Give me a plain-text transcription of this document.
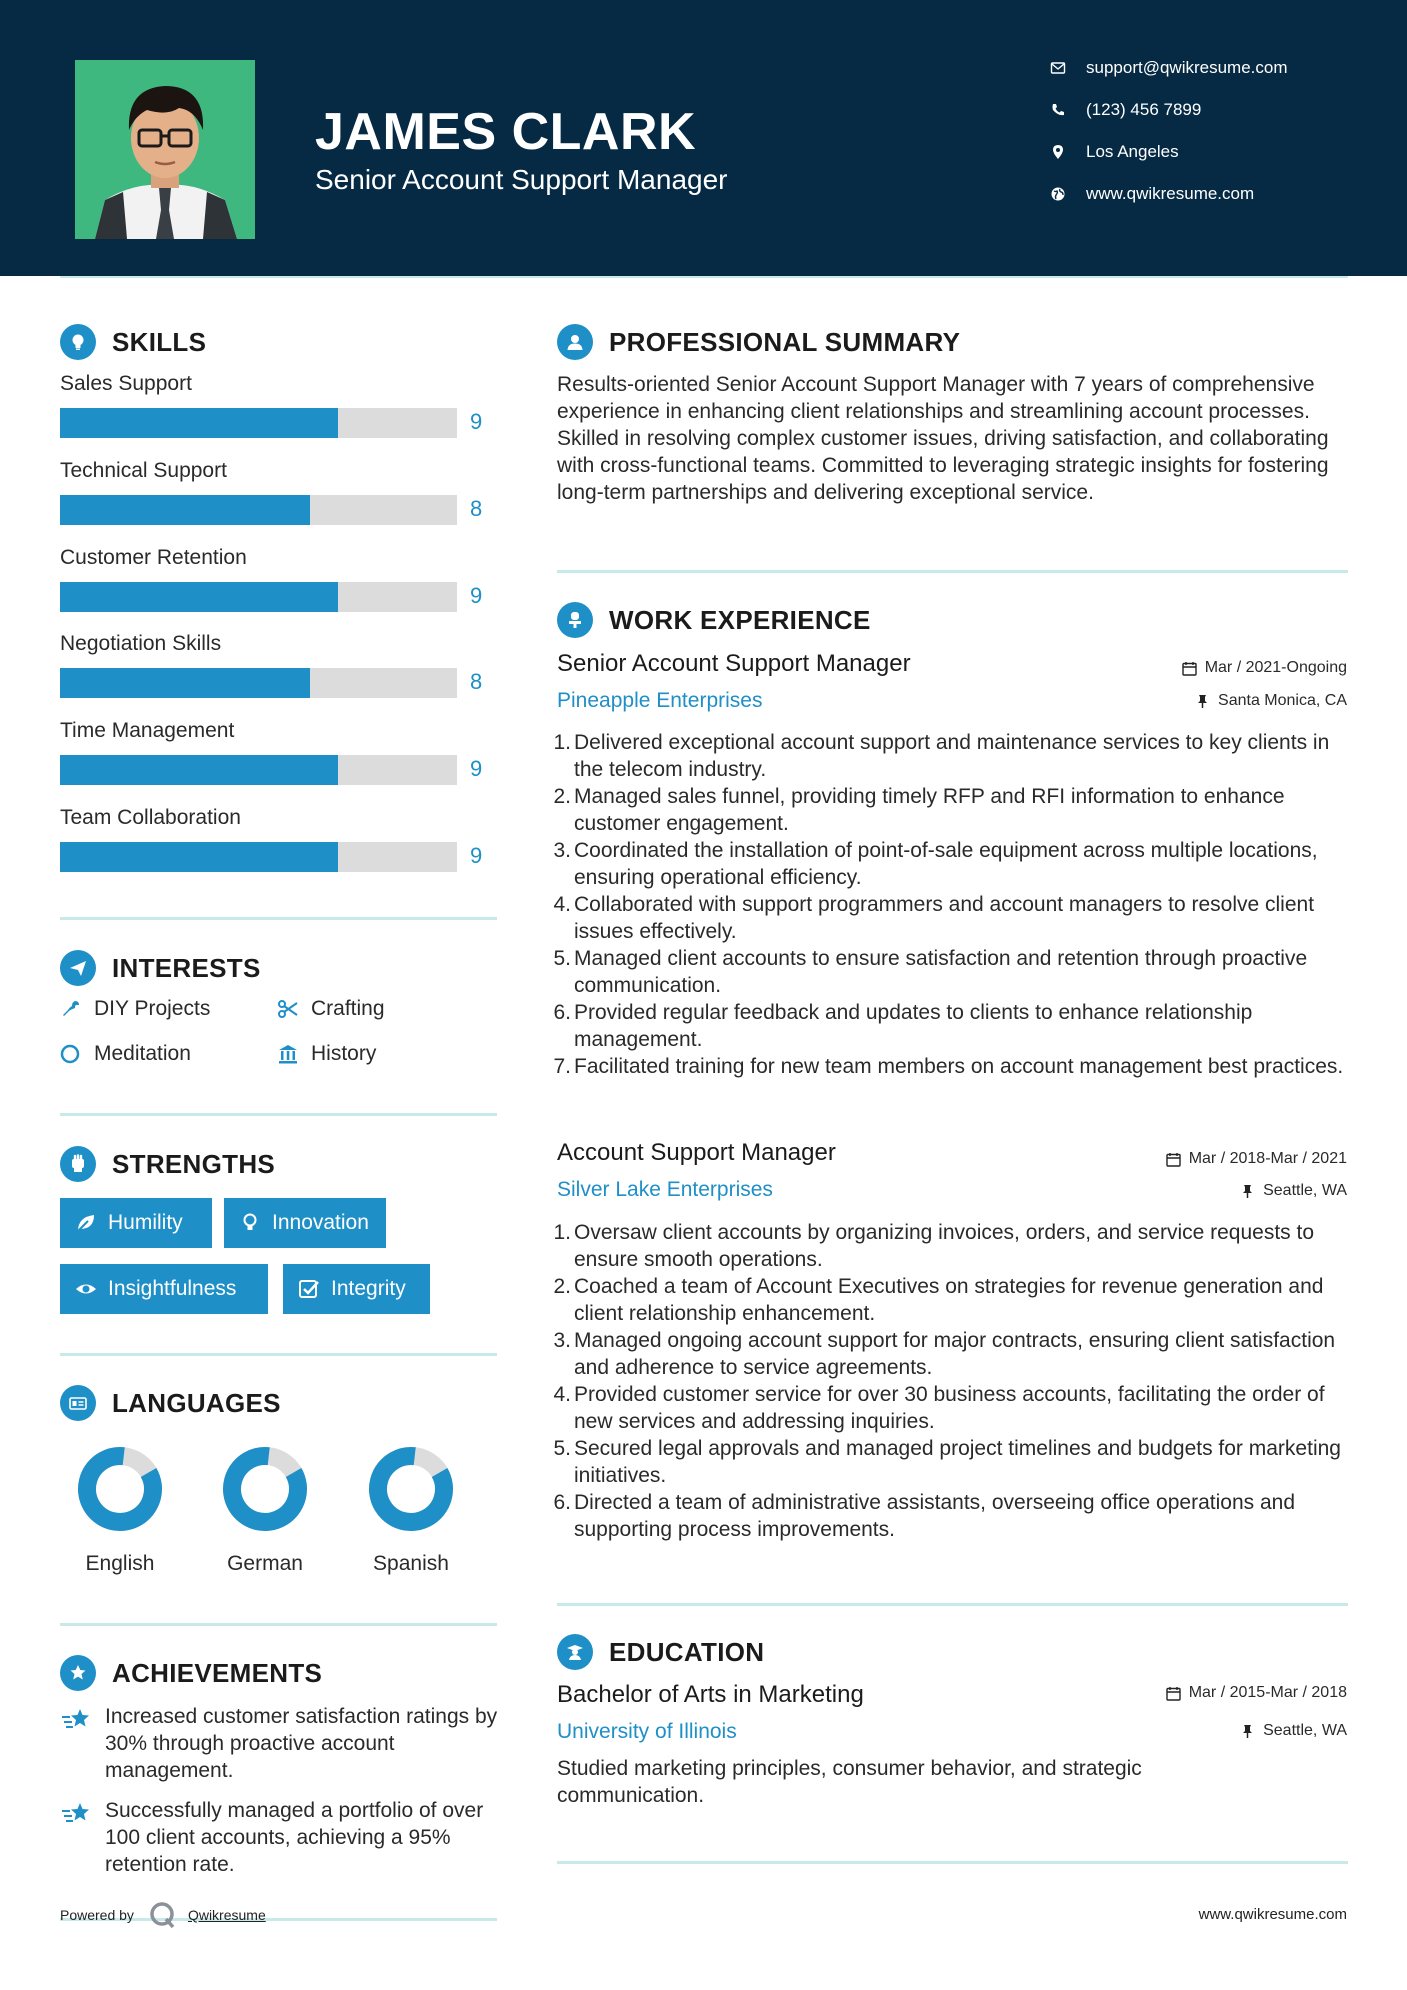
JAMES CLARK
Senior Account Support Manager
support@qwikresume.com
(123) 456 7899
Los Angeles
www.qwikresume.com
SKILLS
Sales Support
9
Technical Support
8
Customer Retention
9
Negotiation Skills
8
Time Management
9
Team Collaboration
9
INTERESTS
DIY Projects	Crafting
Meditation	History
STRENGTHS
Humility	Innovation
Insightfulness	Integrity
LANGUAGES
English	German	Spanish
ACHIEVEMENTS
Increased customer satisfaction ratings by 30% through proactive account management.
Successfully managed a portfolio of over 100 client accounts, achieving a 95% retention rate.
PROFESSIONAL SUMMARY
Results-oriented Senior Account Support Manager with 7 years of comprehensive experience in enhancing client relationships and streamlining account processes. Skilled in resolving complex customer issues, driving satisfaction, and collaborating with cross-functional teams. Committed to leveraging strategic insights for fostering long-term partnerships and delivering exceptional service.
WORK EXPERIENCE
Senior Account Support Manager	Mar / 2021-Ongoing
Pineapple Enterprises	Santa Monica, CA
1. Delivered exceptional account support and maintenance services to key clients in the telecom industry.
2. Managed sales funnel, providing timely RFP and RFI information to enhance customer engagement.
3. Coordinated the installation of point-of-sale equipment across multiple locations, ensuring operational efficiency.
4. Collaborated with support programmers and account managers to resolve client issues effectively.
5. Managed client accounts to ensure satisfaction and retention through proactive communication.
6. Provided regular feedback and updates to clients to enhance relationship management.
7. Facilitated training for new team members on account management best practices.
Account Support Manager	Mar / 2018-Mar / 2021
Silver Lake Enterprises	Seattle, WA
1. Oversaw client accounts by organizing invoices, orders, and service requests to ensure smooth operations.
2. Coached a team of Account Executives on strategies for revenue generation and client relationship enhancement.
3. Managed ongoing account support for major contracts, ensuring client satisfaction and adherence to service agreements.
4. Provided customer service for over 30 business accounts, facilitating the order of new services and addressing inquiries.
5. Secured legal approvals and managed project timelines and budgets for marketing initiatives.
6. Directed a team of administrative assistants, overseeing office operations and supporting process improvements.
EDUCATION
Bachelor of Arts in Marketing	Mar / 2015-Mar / 2018
University of Illinois	Seattle, WA
Studied marketing principles, consumer behavior, and strategic communication.
Powered by	Qwikresume	www.qwikresume.com
